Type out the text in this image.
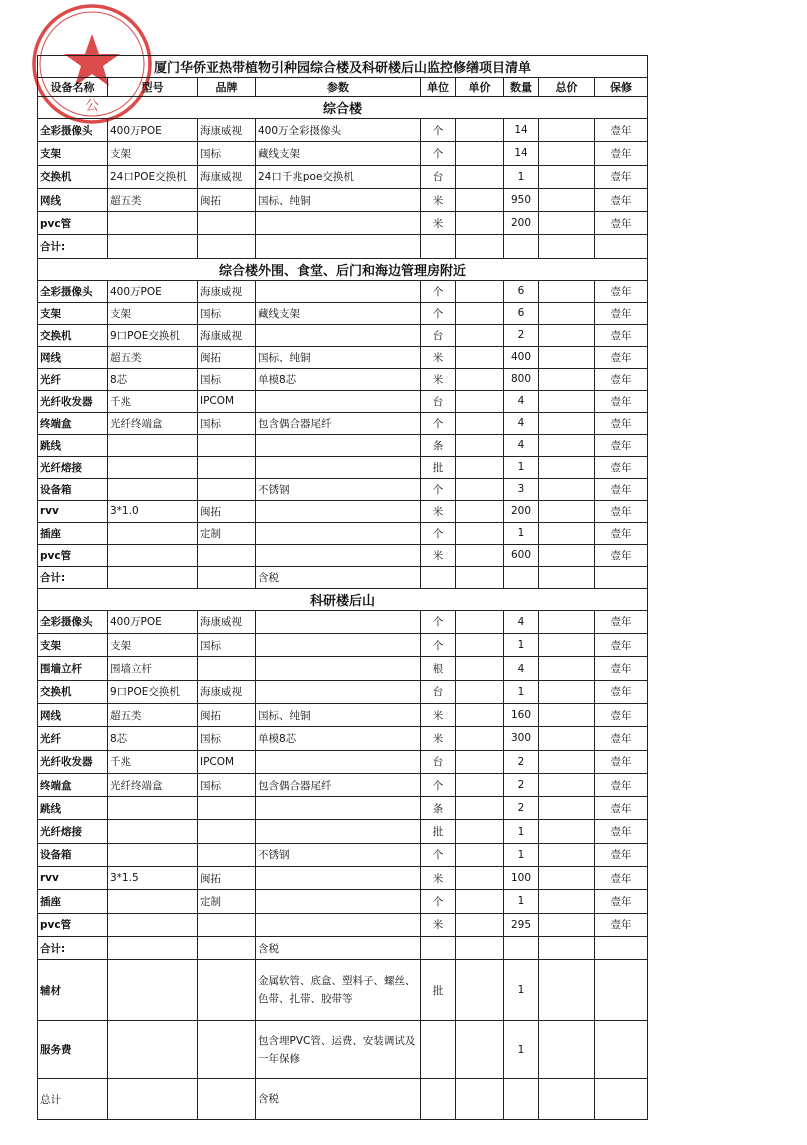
公
厦门华侨亚热带植物引种园综合楼及科研楼后山监控修缮项目清单								
设备名称	型号	品牌	参数	单位	单价	数量	总价	保修
综合楼								
全彩摄像头	400万POE	海康威视	400万全彩摄像头	个		14		壹年
支架	支架	国标	藏线支架	个		14		壹年
交换机	24口POE交换机	海康威视	24口千兆poe交换机	台		1		壹年
网线	超五类	闽拓	国标、纯铜	米		950		壹年
pvc管				米		200		壹年
合计:								
综合楼外围、食堂、后门和海边管理房附近								
全彩摄像头	400万POE	海康威视		个		6		壹年
支架	支架	国标	藏线支架	个		6		壹年
交换机	9口POE交换机	海康威视		台		2		壹年
网线	超五类	闽拓	国标、纯铜	米		400		壹年
光纤	8芯	国标	单模8芯	米		800		壹年
光纤收发器	千兆	IPCOM		台		4		壹年
终端盒	光纤终端盒	国标	包含偶合器尾纤	个		4		壹年
跳线				条		4		壹年
光纤熔接				批		1		壹年
设备箱			不锈钢	个		3		壹年
rvv	3*1.0	闽拓		米		200		壹年
插座		定制		个		1		壹年
pvc管				米		600		壹年
合计:			含税					
科研楼后山								
全彩摄像头	400万POE	海康威视		个		4		壹年
支架	支架	国标		个		1		壹年
围墙立杆	围墙立杆			根		4		壹年
交换机	9口POE交换机	海康威视		台		1		壹年
网线	超五类	闽拓	国标、纯铜	米		160		壹年
光纤	8芯	国标	单模8芯	米		300		壹年
光纤收发器	千兆	IPCOM		台		2		壹年
终端盒	光纤终端盒	国标	包含偶合器尾纤	个		2		壹年
跳线				条		2		壹年
光纤熔接				批		1		壹年
设备箱			不锈钢	个		1		壹年
rvv	3*1.5	闽拓		米		100		壹年
插座		定制		个		1		壹年
pvc管				米		295		壹年
合计:			含税					
辅材			金属软管、底盒、塑料子、螺丝、色带、扎带、胶带等	批		1		
服务费			包含埋PVC管、运费、安装调试及一年保修			1		
总计			含税					
